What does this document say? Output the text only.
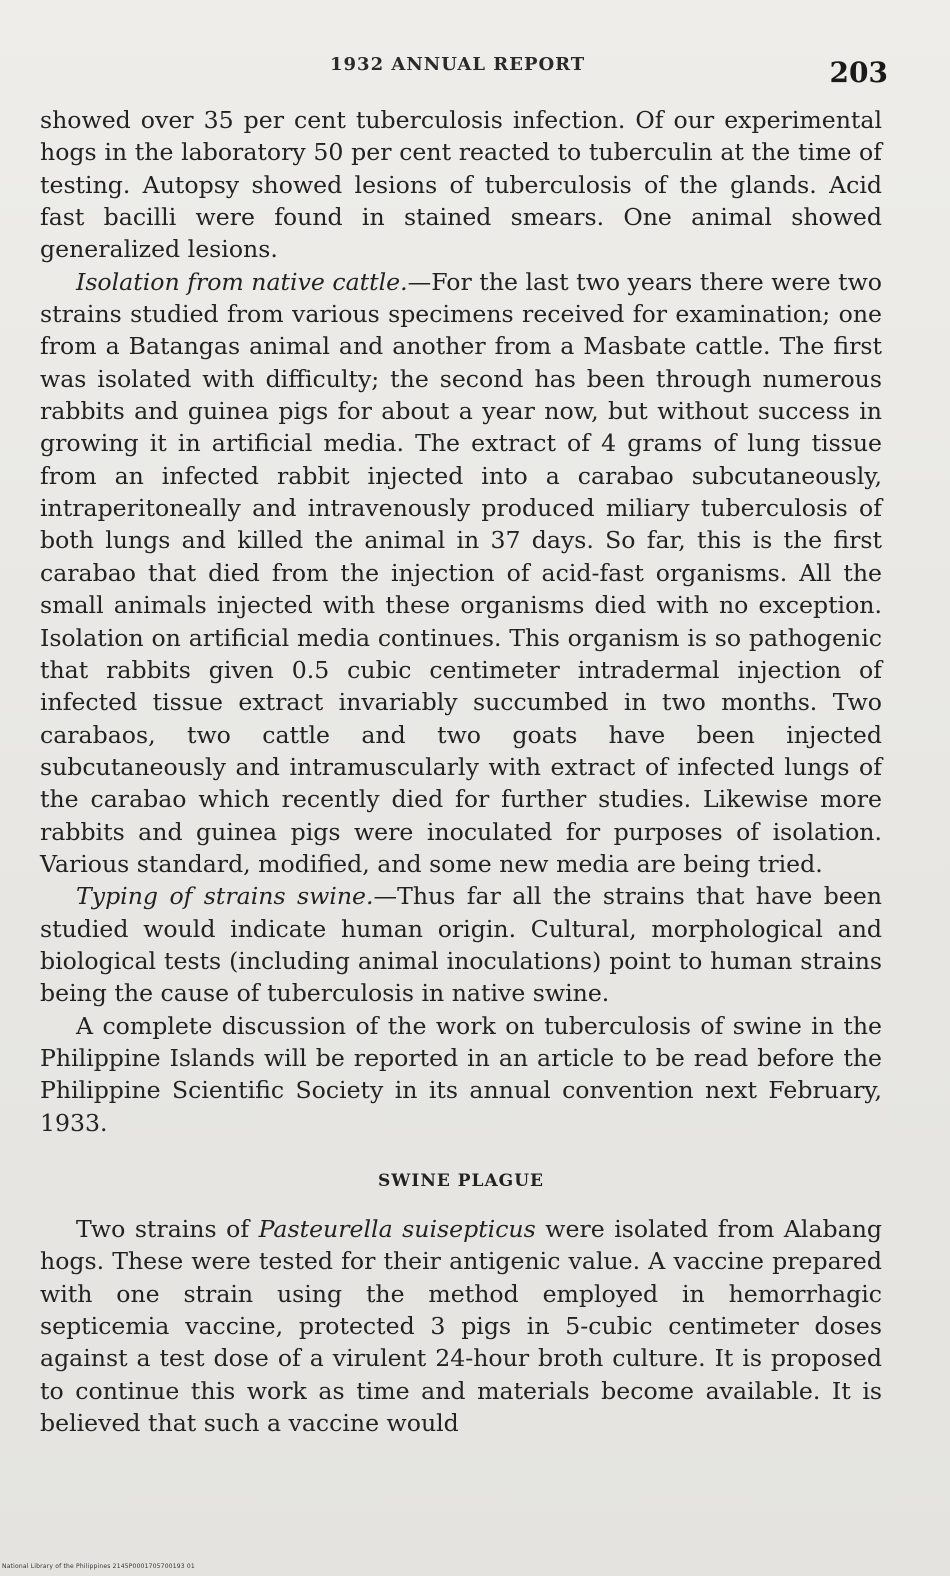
1932 ANNUAL REPORT	203

showed over 35 per cent tuberculosis infection. Of our experimental hogs in the laboratory 50 per cent reacted to tuberculin at the time of testing. Autopsy showed lesions of tuberculosis of the glands. Acid fast bacilli were found in stained smears. One animal showed generalized lesions.

Isolation from native cattle.—For the last two years there were two strains studied from various specimens received for examination; one from a Batangas animal and another from a Masbate cattle. The first was isolated with difficulty; the second has been through numerous rabbits and guinea pigs for about a year now, but without success in growing it in artificial media. The extract of 4 grams of lung tissue from an infected rabbit injected into a carabao subcutaneously, intraperitoneally and intravenously produced miliary tuberculosis of both lungs and killed the animal in 37 days. So far, this is the first carabao that died from the injection of acid-fast organisms. All the small animals injected with these organisms died with no exception. Isolation on artificial media continues. This organism is so pathogenic that rabbits given 0.5 cubic centimeter intradermal injection of infected tissue extract invariably succumbed in two months. Two carabaos, two cattle and two goats have been injected subcutaneously and intramuscularly with extract of infected lungs of the carabao which recently died for further studies. Likewise more rabbits and guinea pigs were inoculated for purposes of isolation. Various standard, modified, and some new media are being tried.

Typing of strains swine.—Thus far all the strains that have been studied would indicate human origin. Cultural, morphological and biological tests (including animal inoculations) point to human strains being the cause of tuberculosis in native swine.

A complete discussion of the work on tuberculosis of swine in the Philippine Islands will be reported in an article to be read before the Philippine Scientific Society in its annual convention next February, 1933.

SWINE PLAGUE

Two strains of Pasteurella suisepticus were isolated from Alabang hogs. These were tested for their antigenic value. A vaccine prepared with one strain using the method employed in hemorrhagic septicemia vaccine, protected 3 pigs in 5-cubic centimeter doses against a test dose of a virulent 24-hour broth culture. It is proposed to continue this work as time and materials become available. It is believed that such a vaccine would

National Library of the Philippines 2145P0001705700193 01
